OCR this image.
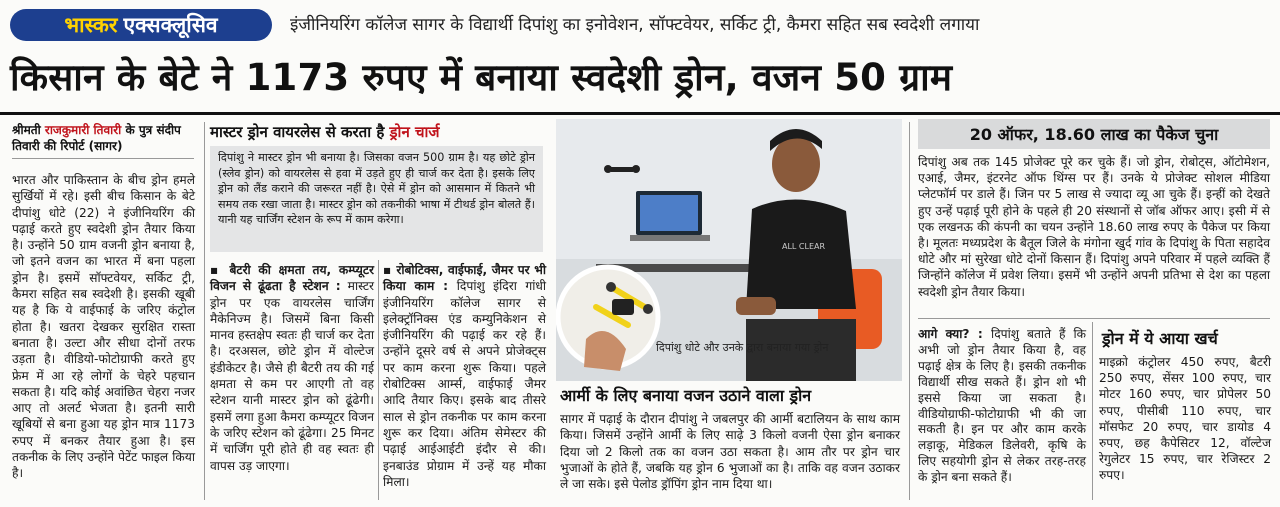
भास्कर एक्सक्लूसिव	इंजीनियरिंग कॉलेज सागर के विद्यार्थी दिपांशु का इनोवेशन, सॉफ्टवेयर, सर्किट ट्री, कैमरा सहित सब स्वदेशी लगाया
किसान के बेटे ने 1173 रुपए में बनाया स्वदेशी ड्रोन, वजन 50 ग्राम
श्रीमती राजकुमारी तिवारी के पुत्र संदीप तिवारी की रिपोर्ट (सागर)
भारत और पाकिस्तान के बीच ड्रोन हमले सुर्खियों में रहे। इसी बीच किसान के बेटे दीपांशु धोटे (22) ने इंजीनियरिंग की पढ़ाई करते हुए स्वदेशी ड्रोन तैयार किया है। उन्होंने 50 ग्राम वजनी ड्रोन बनाया है, जो इतने वजन का भारत में बना पहला ड्रोन है। इसमें सॉफ्टवेयर, सर्किट ट्री, कैमरा सहित सब स्वदेशी है। इसकी खूबी यह है कि ये वाईफाई के जरिए कंट्रोल होता है। खतरा देखकर सुरक्षित रास्ता बनाता है। उल्टा और सीधा दोनों तरफ उड़ता है। वीडियो-फोटोग्राफी करते हुए फ्रेम में आ रहे लोगों के चेहरे पहचान सकता है। यदि कोई अवांछित चेहरा नजर आए तो अलर्ट भेजता है। इतनी सारी खूबियों से बना हुआ यह ड्रोन मात्र 1173 रुपए में बनकर तैयार हुआ है। इस तकनीक के लिए उन्होंने पेटेंट फाइल किया है।
मास्टर ड्रोन वायरलेस से करता है ड्रोन चार्ज
दिपांशु ने मास्टर ड्रोन भी बनाया है। जिसका वजन 500 ग्राम है। यह छोटे ड्रोन (स्लेव ड्रोन) को वायरलेस से हवा में उड़ते हुए ही चार्ज कर देता है। इसके लिए ड्रोन को लैंड कराने की जरूरत नहीं है। ऐसे में ड्रोन को आसमान में कितने भी समय तक रखा जाता है। मास्टर ड्रोन को तकनीकी भाषा में टीथर्ड ड्रोन बोलते हैं। यानी यह चार्जिंग स्टेशन के रूप में काम करेगा।
▪ बैटरी की क्षमता तय, कम्प्यूटर विजन से ढूंढता है स्टेशन : मास्टर ड्रोन पर एक वायरलेस चार्जिंग मैकेनिज्म है। जिसमें बिना किसी मानव हस्तक्षेप स्वतः ही चार्ज कर देता है। दरअसल, छोटे ड्रोन में वोल्टेज इंडीकेटर है। जैसे ही बैटरी तय की गई क्षमता से कम पर आएगी तो वह स्टेशन यानी मास्टर ड्रोन को ढूंढेगी। इसमें लगा हुआ कैमरा कम्प्यूटर विजन के जरिए स्टेशन को ढूंढेगा। 25 मिनट में चार्जिंग पूरी होते ही वह स्वतः ही वापस उड़ जाएगा।
▪ रोबोटिक्स, वाईफाई, जैमर पर भी किया काम : दिपांशु इंदिरा गांधी इंजीनियरिंग कॉलेज सागर से इलेक्ट्रॉनिक्स एंड कम्युनिकेशन से इंजीनियरिंग की पढ़ाई कर रहे हैं। उन्होंने दूसरे वर्ष से अपने प्रोजेक्ट्स पर काम करना शुरू किया। पहले रोबोटिक्स आर्म्स, वाईफाई जैमर आदि तैयार किए। इसके बाद तीसरे साल से ड्रोन तकनीक पर काम करना शुरू कर दिया। अंतिम सेमेस्टर की पढ़ाई आईआईटी इंदौर से की। इनबाउंड प्रोग्राम में उन्हें यह मौका मिला।
ALL CLEAR
दिपांशु धोटे और उनके द्वारा बनाया गया ड्रोन
आर्मी के लिए बनाया वजन उठाने वाला ड्रोन
सागर में पढ़ाई के दौरान दीपांशु ने जबलपुर की आर्मी बटालियन के साथ काम किया। जिसमें उन्होंने आर्मी के लिए साढ़े 3 किलो वजनी ऐसा ड्रोन बनाकर दिया जो 2 किलो तक का वजन उठा सकता है। आम तौर पर ड्रोन चार भुजाओं के होते हैं, जबकि यह ड्रोन 6 भुजाओं का है। ताकि वह वजन उठाकर ले जा सके। इसे पेलोड ड्रॉपिंग ड्रोन नाम दिया था।
20 ऑफर, 18.60 लाख का पैकेज चुना
दिपांशु अब तक 145 प्रोजेक्ट पूरे कर चुके हैं। जो ड्रोन, रोबोट्स, ऑटोमेशन, एआई, जैमर, इंटरनेट ऑफ थिंग्स पर हैं। उनके ये प्रोजेक्ट सोशल मीडिया प्लेटफॉर्म पर डाले हैं। जिन पर 5 लाख से ज्यादा व्यू आ चुके हैं। इन्हीं को देखते हुए उन्हें पढ़ाई पूरी होने के पहले ही 20 संस्थानों से जॉब ऑफर आए। इसी में से एक लखनऊ की कंपनी का चयन उन्होंने 18.60 लाख रुपए के पैकेज पर किया है। मूलतः मध्यप्रदेश के बैतूल जिले के मंगोना खुर्द गांव के दिपांशु के पिता सहादेव धोटे और मां सुरेखा धोटे दोनों किसान हैं। दिपांशु अपने परिवार में पहले व्यक्ति हैं जिन्होंने कॉलेज में प्रवेश लिया। इसमें भी उन्होंने अपनी प्रतिभा से देश का पहला स्वदेशी ड्रोन तैयार किया।
आगे क्या? : दिपांशु बताते हैं कि अभी जो ड्रोन तैयार किया है, वह पढ़ाई क्षेत्र के लिए है। इसकी तकनीक विद्यार्थी सीख सकते हैं। ड्रोन शो भी इससे किया जा सकता है। वीडियोग्राफी-फोटोग्राफी भी की जा सकती है। इन पर और काम करके लड़ाकू, मेडिकल डिलेवरी, कृषि के लिए सहयोगी ड्रोन से लेकर तरह-तरह के ड्रोन बना सकते हैं।
ड्रोन में ये आया खर्च
माइक्रो कंट्रोलर 450 रुपए, बैटरी 250 रुपए, सेंसर 100 रुपए, चार मोटर 160 रुपए, चार प्रोपेलर 50 रुपए, पीसीबी 110 रुपए, चार मॉसफेट 20 रुपए, चार डायोड 4 रुपए, छह कैपेसिटर 12, वॉल्टेज रेगुलेटर 15 रुपए, चार रेजिस्टर 2 रुपए।
